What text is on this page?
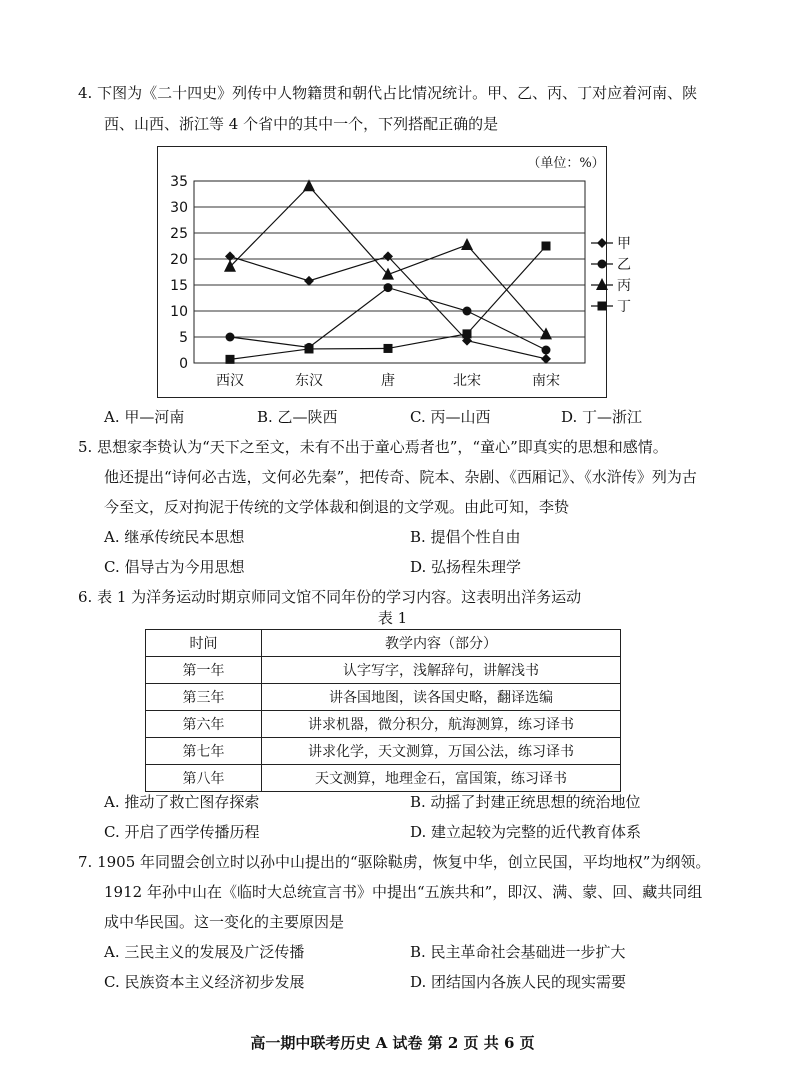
4. 下图为《二十四史》列传中人物籍贯和朝代占比情况统计。甲、乙、丙、丁对应着河南、陕
西、山西、浙江等 4 个省中的其中一个，下列搭配正确的是
35
30
25
20
15
10
5
0
西汉	东汉	唐	北宋	南宋
（单位：%）
甲
乙
丙
丁
A. 甲—河南	B. 乙—陕西	C. 丙—山西	D. 丁—浙江
5. 思想家李贽认为“天下之至文，未有不出于童心焉者也”，“童心”即真实的思想和感情。
他还提出“诗何必古选，文何必先秦”，把传奇、院本、杂剧、《西厢记》、《水浒传》列为古
今至文，反对拘泥于传统的文学体裁和倒退的文学观。由此可知，李贽
A. 继承传统民本思想	B. 提倡个性自由
C. 倡导古为今用思想	D. 弘扬程朱理学
6. 表 1 为洋务运动时期京师同文馆不同年份的学习内容。这表明出洋务运动
表 1
时间	教学内容（部分）
第一年	认字写字，浅解辞句，讲解浅书
第三年	讲各国地图，读各国史略，翻译选编
第六年	讲求机器，微分积分，航海测算，练习译书
第七年	讲求化学，天文测算，万国公法，练习译书
第八年	天文测算，地理金石，富国策，练习译书
A. 推动了救亡图存探索	B. 动摇了封建正统思想的统治地位
C. 开启了西学传播历程	D. 建立起较为完整的近代教育体系
7. 1905 年同盟会创立时以孙中山提出的“驱除鞑虏，恢复中华，创立民国，平均地权”为纲领。
1912 年孙中山在《临时大总统宣言书》中提出“五族共和”，即汉、满、蒙、回、藏共同组
成中华民国。这一变化的主要原因是
A. 三民主义的发展及广泛传播	B. 民主革命社会基础进一步扩大
C. 民族资本主义经济初步发展	D. 团结国内各族人民的现实需要
高一期中联考历史 A 试卷 第 2 页 共 6 页
